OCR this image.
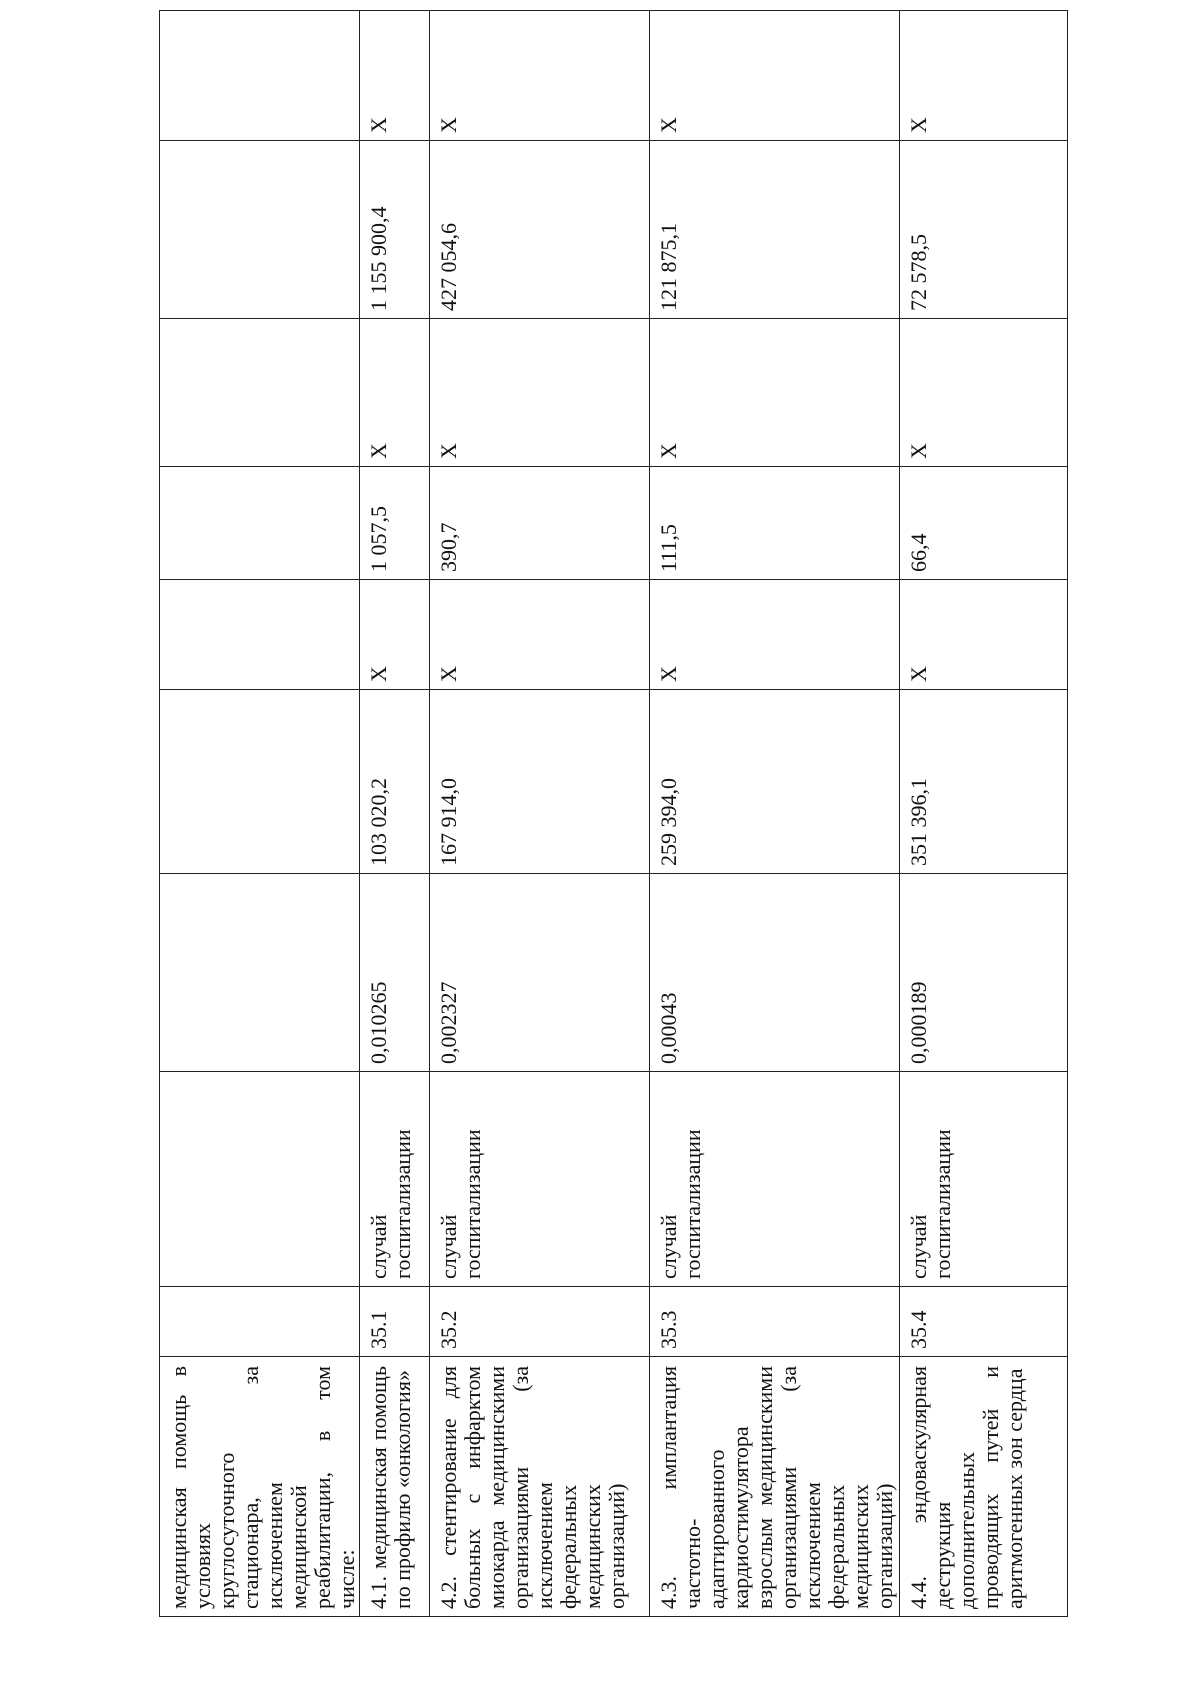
медицинская помощь в условиях круглосуточного стационара, за исключением медицинской реабилитации, в том числе:									
4.1. медицинская помощь по профилю «онкология»	35.1	случай госпитализации	0,010265	103 020,2	X	1 057,5	X	1 155 900,4	X
4.2. стентирование для больных с инфарктом миокарда медицинскими организациями (за исключением федеральных медицинских организаций)	35.2	случай госпитализации	0,002327	167 914,0	X	390,7	X	427 054,6	X
4.3. имплантация частотно-адаптированного кардиостимулятора взрослым медицинскими организациями (за исключением федеральных медицинских организаций)	35.3	случай госпитализации	0,00043	259 394,0	X	111,5	X	121 875,1	X
4.4. эндоваскулярная деструкция дополнительных проводящих путей и аритмогенных зон сердца	35.4	случай госпитализации	0,000189	351 396,1	X	66,4	X	72 578,5	X
